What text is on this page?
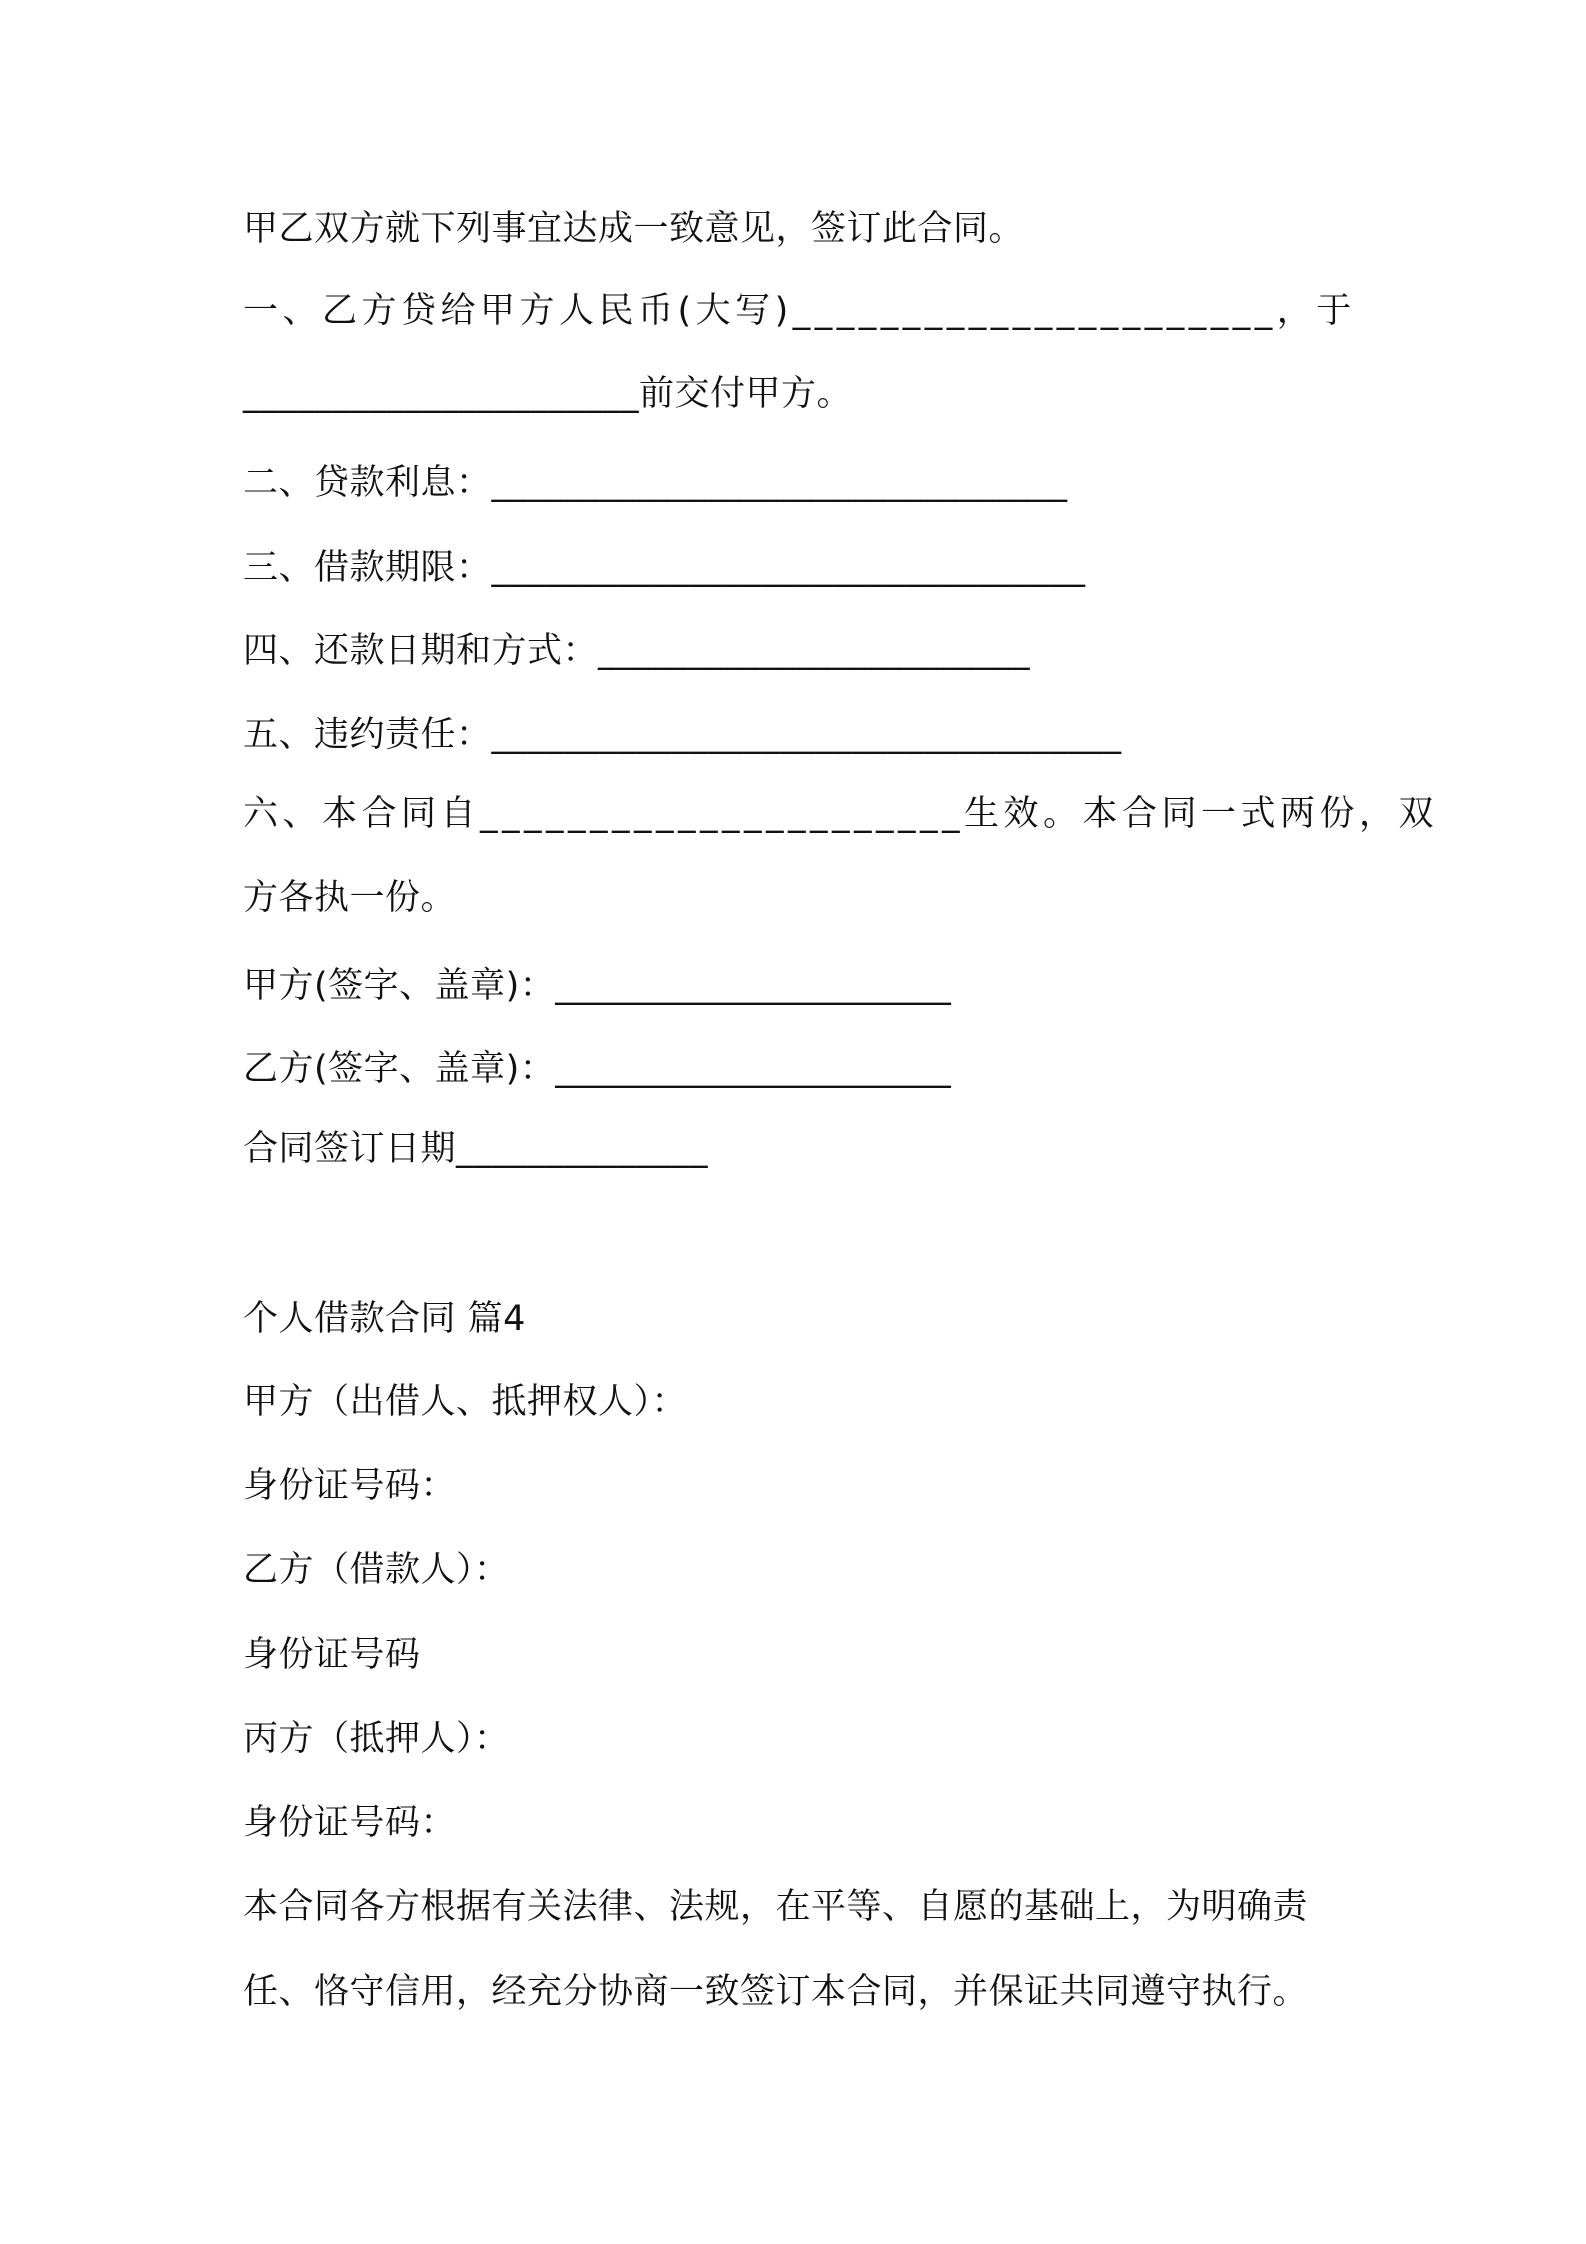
甲乙双方就下列事宜达成一致意见，签订此合同。
一、乙方贷给甲方人民币(大写)______________________，于
______________________前交付甲方。
二、贷款利息：________________________________
三、借款期限：_________________________________
四、还款日期和方式：________________________
五、违约责任：___________________________________
六、本合同自______________________生效。本合同一式两份，双
方各执一份。
甲方(签字、盖章)：______________________
乙方(签字、盖章)：______________________
合同签订日期______________
个人借款合同 篇4
甲方（出借人、抵押权人）：
身份证号码：
乙方（借款人）：
身份证号码
丙方（抵押人）：
身份证号码：
本合同各方根据有关法律、法规，在平等、自愿的基础上，为明确责
任、恪守信用，经充分协商一致签订本合同，并保证共同遵守执行。
